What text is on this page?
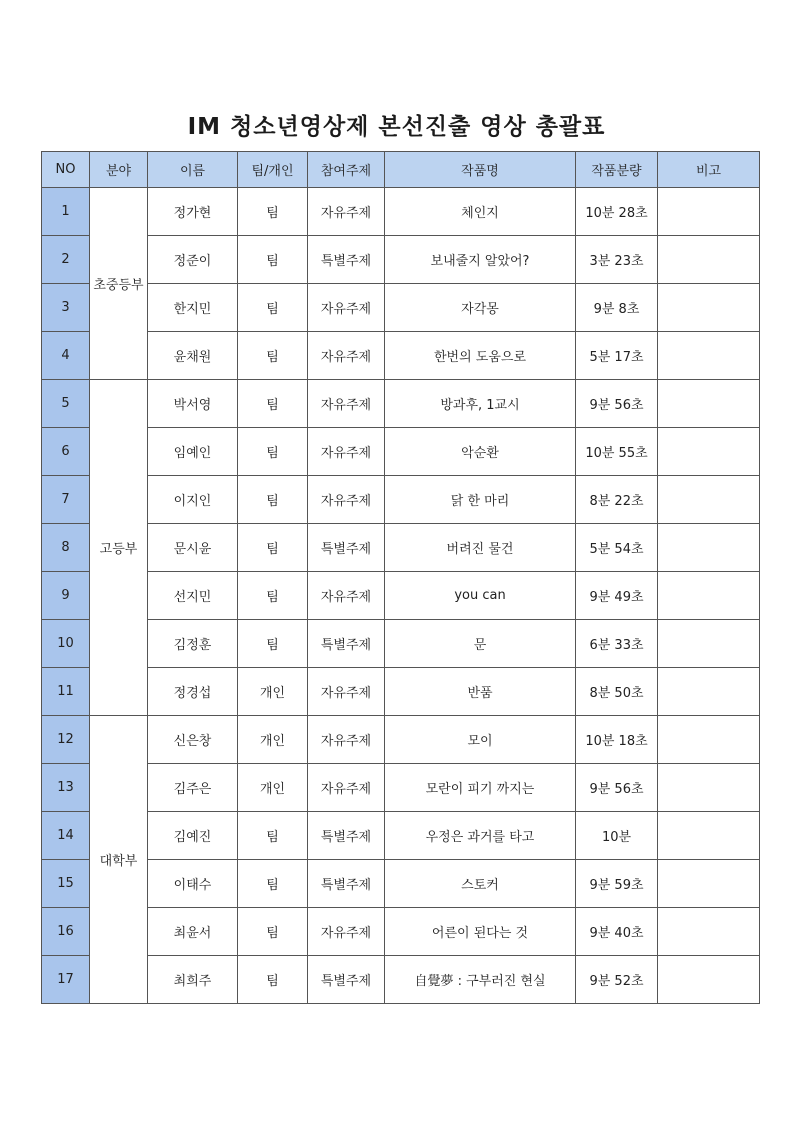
IM 청소년영상제 본선진출 영상 총괄표
NO	분야	이름	팀/개인	참여주제	작품명	작품분량	비고
1	초중등부	정가현	팀	자유주제	체인지	10분 28초	
2		정준이	팀	특별주제	보내줄지 알았어?	3분 23초	
3		한지민	팀	자유주제	자각몽	9분 8초	
4		윤채원	팀	자유주제	한번의 도움으로	5분 17초	
5	고등부	박서영	팀	자유주제	방과후, 1교시	9분 56초	
6		임예인	팀	자유주제	악순환	10분 55초	
7		이지인	팀	자유주제	닭 한 마리	8분 22초	
8		문시윤	팀	특별주제	버려진 물건	5분 54초	
9		선지민	팀	자유주제	you can	9분 49초	
10		김정훈	팀	특별주제	문	6분 33초	
11		정경섭	개인	자유주제	반품	8분 50초	
12	대학부	신은창	개인	자유주제	모이	10분 18초	
13		김주은	개인	자유주제	모란이 피기 까지는	9분 56초	
14		김예진	팀	특별주제	우정은 과거를 타고	10분	
15		이태수	팀	특별주제	스토커	9분 59초	
16		최윤서	팀	자유주제	어른이 된다는 것	9분 40초	
17		최희주	팀	특별주제	自覺夢 : 구부러진 현실	9분 52초	
